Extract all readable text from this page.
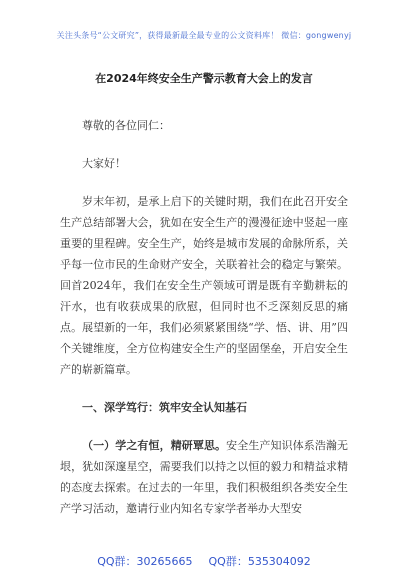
关注头条号“公文研究”，获得最新最全最专业的公文资料库！ 微信：gongwenyj
在2024年终安全生产警示教育大会上的发言

尊敬的各位同仁：

大家好！

岁末年初，是承上启下的关键时期，我们在此召开安全生产总结部署大会，犹如在安全生产的漫漫征途中竖起一座重要的里程碑。安全生产，始终是城市发展的命脉所系，关乎每一位市民的生命财产安全，关联着社会的稳定与繁荣。回首2024年，我们在安全生产领域可谓是既有辛勤耕耘的汗水，也有收获成果的欣慰，但同时也不乏深刻反思的痛点。展望新的一年，我们必须紧紧围绕“学、悟、讲、用”四个关键维度，全方位构建安全生产的坚固堡垒，开启安全生产的崭新篇章。

一、深学笃行：筑牢安全认知基石

（一）学之有恒，精研覃思。安全生产知识体系浩瀚无垠，犹如深邃星空，需要我们以持之以恒的毅力和精益求精的态度去探索。在过去的一年里，我们积极组织各类安全生产学习活动，邀请行业内知名专家学者举办大型安

QQ群：30265665 QQ群：535304092
